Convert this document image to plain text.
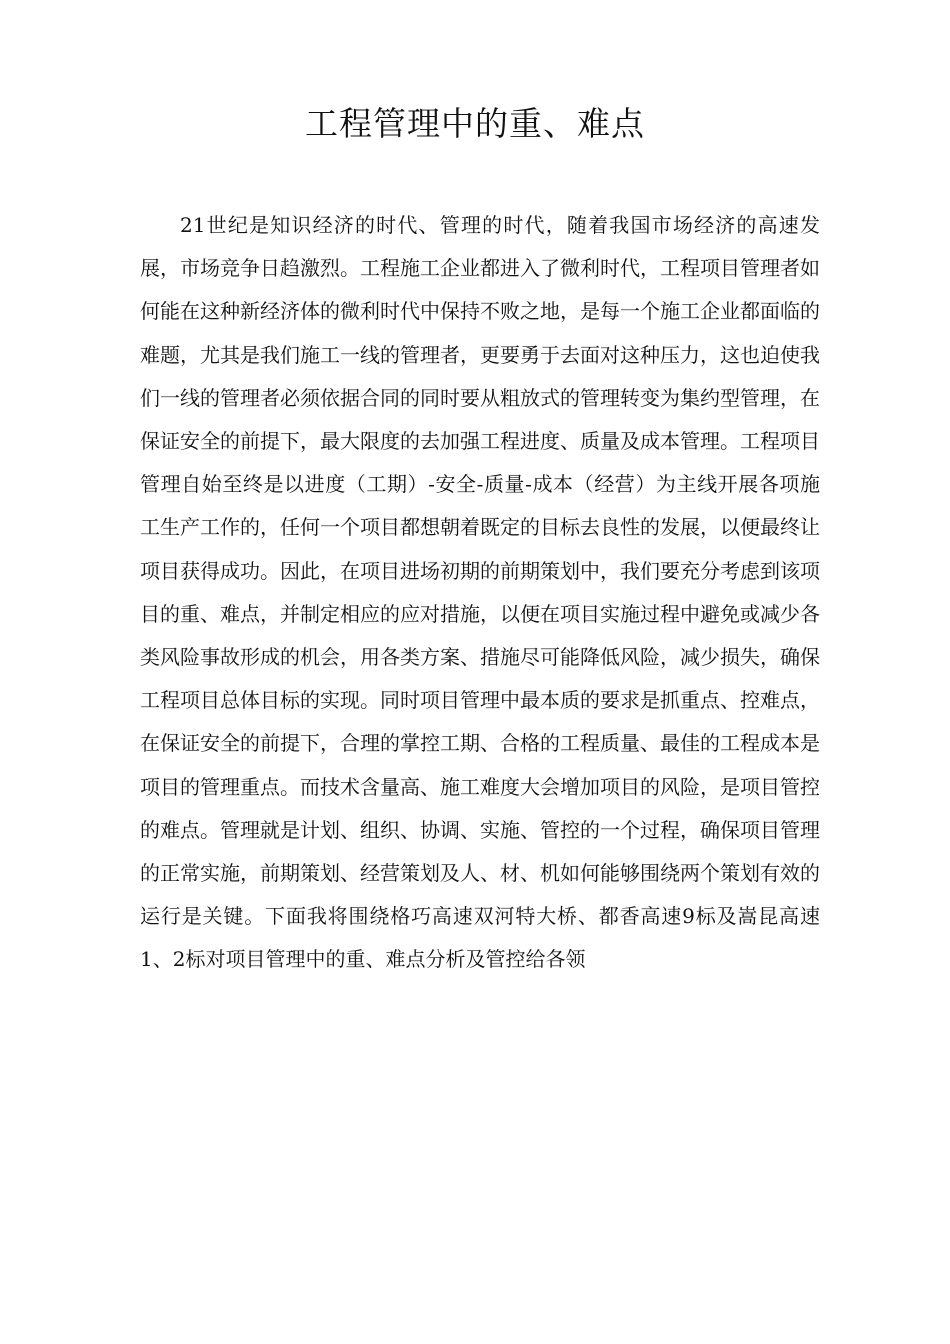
工程管理中的重、难点

21世纪是知识经济的时代、管理的时代，随着我国市场经济的高速发展，市场竞争日趋激烈。工程施工企业都进入了微利时代，工程项目管理者如何能在这种新经济体的微利时代中保持不败之地，是每一个施工企业都面临的难题，尤其是我们施工一线的管理者，更要勇于去面对这种压力，这也迫使我们一线的管理者必须依据合同的同时要从粗放式的管理转变为集约型管理，在保证安全的前提下，最大限度的去加强工程进度、质量及成本管理。工程项目管理自始至终是以进度（工期）-安全-质量-成本（经营）为主线开展各项施工生产工作的，任何一个项目都想朝着既定的目标去良性的发展，以便最终让项目获得成功。因此，在项目进场初期的前期策划中，我们要充分考虑到该项目的重、难点，并制定相应的应对措施，以便在项目实施过程中避免或减少各类风险事故形成的机会，用各类方案、措施尽可能降低风险，减少损失，确保工程项目总体目标的实现。同时项目管理中最本质的要求是抓重点、控难点，在保证安全的前提下，合理的掌控工期、合格的工程质量、最佳的工程成本是项目的管理重点。而技术含量高、施工难度大会增加项目的风险，是项目管控的难点。管理就是计划、组织、协调、实施、管控的一个过程，确保项目管理的正常实施，前期策划、经营策划及人、材、机如何能够围绕两个策划有效的运行是关键。下面我将围绕格巧高速双河特大桥、都香高速9标及嵩昆高速1、2标对项目管理中的重、难点分析及管控给各领
